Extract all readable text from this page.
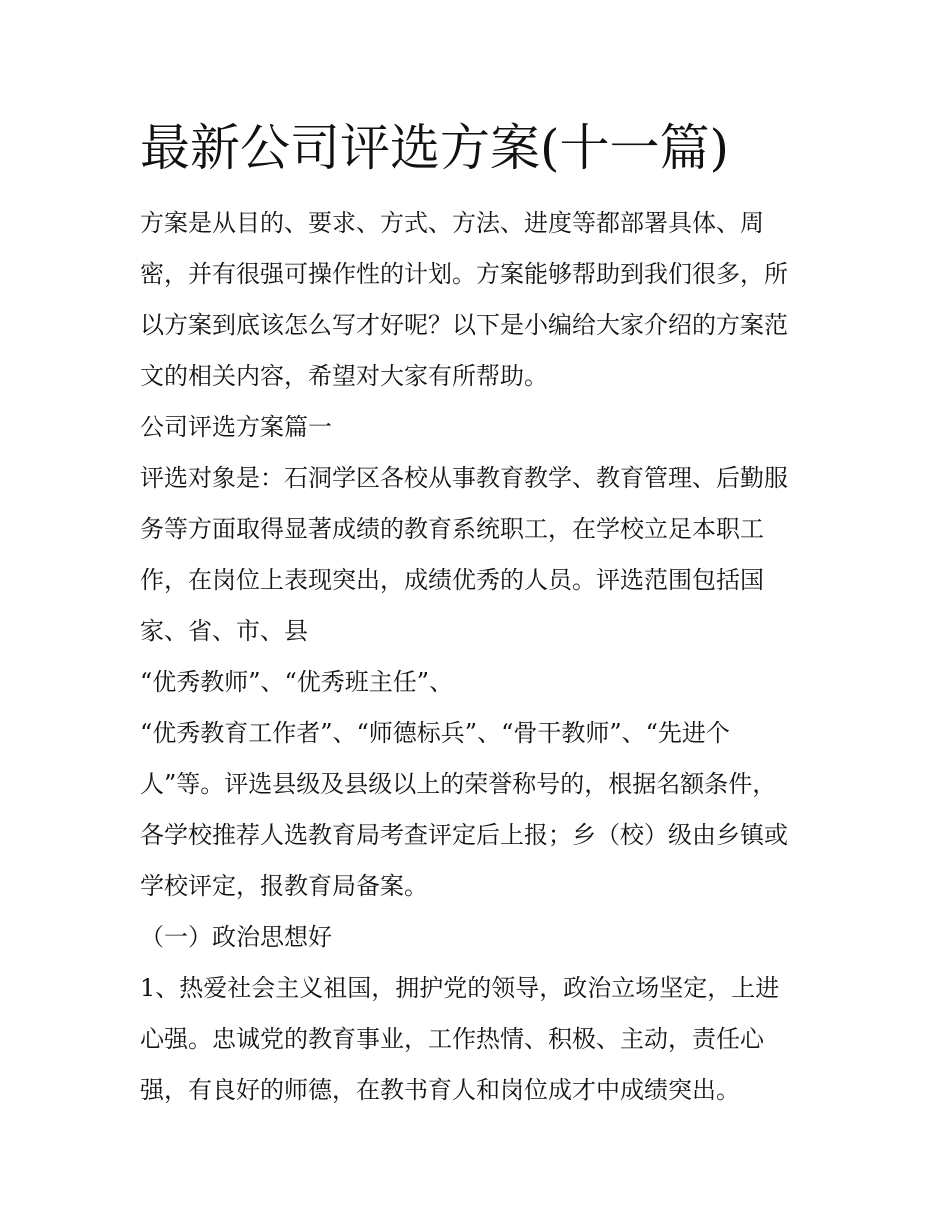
最新公司评选方案(十一篇)

方案是从目的、要求、方式、方法、进度等都部署具体、周

密，并有很强可操作性的计划。方案能够帮助到我们很多，所

以方案到底该怎么写才好呢？以下是小编给大家介绍的方案范

文的相关内容，希望对大家有所帮助。

公司评选方案篇一

评选对象是：石洞学区各校从事教育教学、教育管理、后勤服

务等方面取得显著成绩的教育系统职工，在学校立足本职工

作，在岗位上表现突出，成绩优秀的人员。评选范围包括国

家、省、市、县

“优秀教师”、“优秀班主任”、

“优秀教育工作者”、“师德标兵”、“骨干教师”、“先进个

人”等。评选县级及县级以上的荣誉称号的，根据名额条件，

各学校推荐人选教育局考查评定后上报；乡（校）级由乡镇或

学校评定，报教育局备案。

（一）政治思想好

1、热爱社会主义祖国，拥护党的领导，政治立场坚定，上进

心强。忠诚党的教育事业，工作热情、积极、主动，责任心

强，有良好的师德，在教书育人和岗位成才中成绩突出。
